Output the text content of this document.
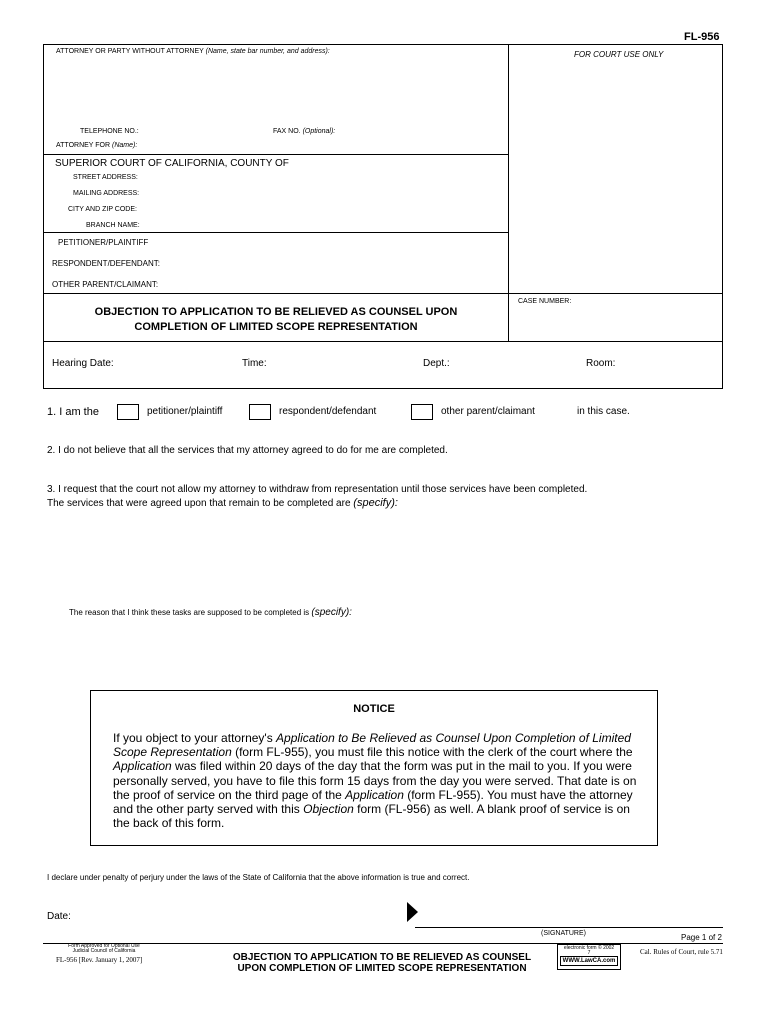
FL-956
ATTORNEY OR PARTY WITHOUT ATTORNEY (Name, state bar number, and address):	FOR COURT USE ONLY
TELEPHONE NO.:	FAX NO. (Optional):
ATTORNEY FOR (Name):
SUPERIOR COURT OF CALIFORNIA, COUNTY OF
STREET ADDRESS:
MAILING ADDRESS:
CITY AND ZIP CODE:
BRANCH NAME:
PETITIONER/PLAINTIFF
RESPONDENT/DEFENDANT:
OTHER PARENT/CLAIMANT:
CASE NUMBER:
OBJECTION TO APPLICATION TO BE RELIEVED AS COUNSEL UPON
COMPLETION OF LIMITED SCOPE REPRESENTATION
Hearing Date:	Time:	Dept.:	Room:
1. I am the	petitioner/plaintiff	respondent/defendant	other parent/claimant	in this case.
2. I do not believe that all the services that my attorney agreed to do for me are completed.
3. I request that the court not allow my attorney to withdraw from representation until those services have been completed.
The services that were agreed upon that remain to be completed are (specify):
The reason that I think these tasks are supposed to be completed is (specify):
NOTICE
If you object to your attorney's Application to Be Relieved as Counsel Upon Completion of Limited Scope Representation (form FL-955), you must file this notice with the clerk of the court where the Application was filed within 20 days of the day that the form was put in the mail to you. If you were personally served, you have to file this form 15 days from the day you were served. That date is on the proof of service on the third page of the Application (form FL-955). You must have the attorney and the other party served with this Objection form (FL-956) as well. A blank proof of service is on the back of this form.
I declare under penalty of perjury under the laws of the State of California that the above information is true and correct.
Date:
(SIGNATURE)	Page 1 of 2
Form Approved for Optional Use
Judicial Council of California
FL-956 [Rev. January 1, 2007]	OBJECTION TO APPLICATION TO BE RELIEVED AS COUNSEL
UPON COMPLETION OF LIMITED SCOPE REPRESENTATION
electronic form © 2002
7
WWW.LawCA.com
Cal. Rules of Court, rule 5.71
